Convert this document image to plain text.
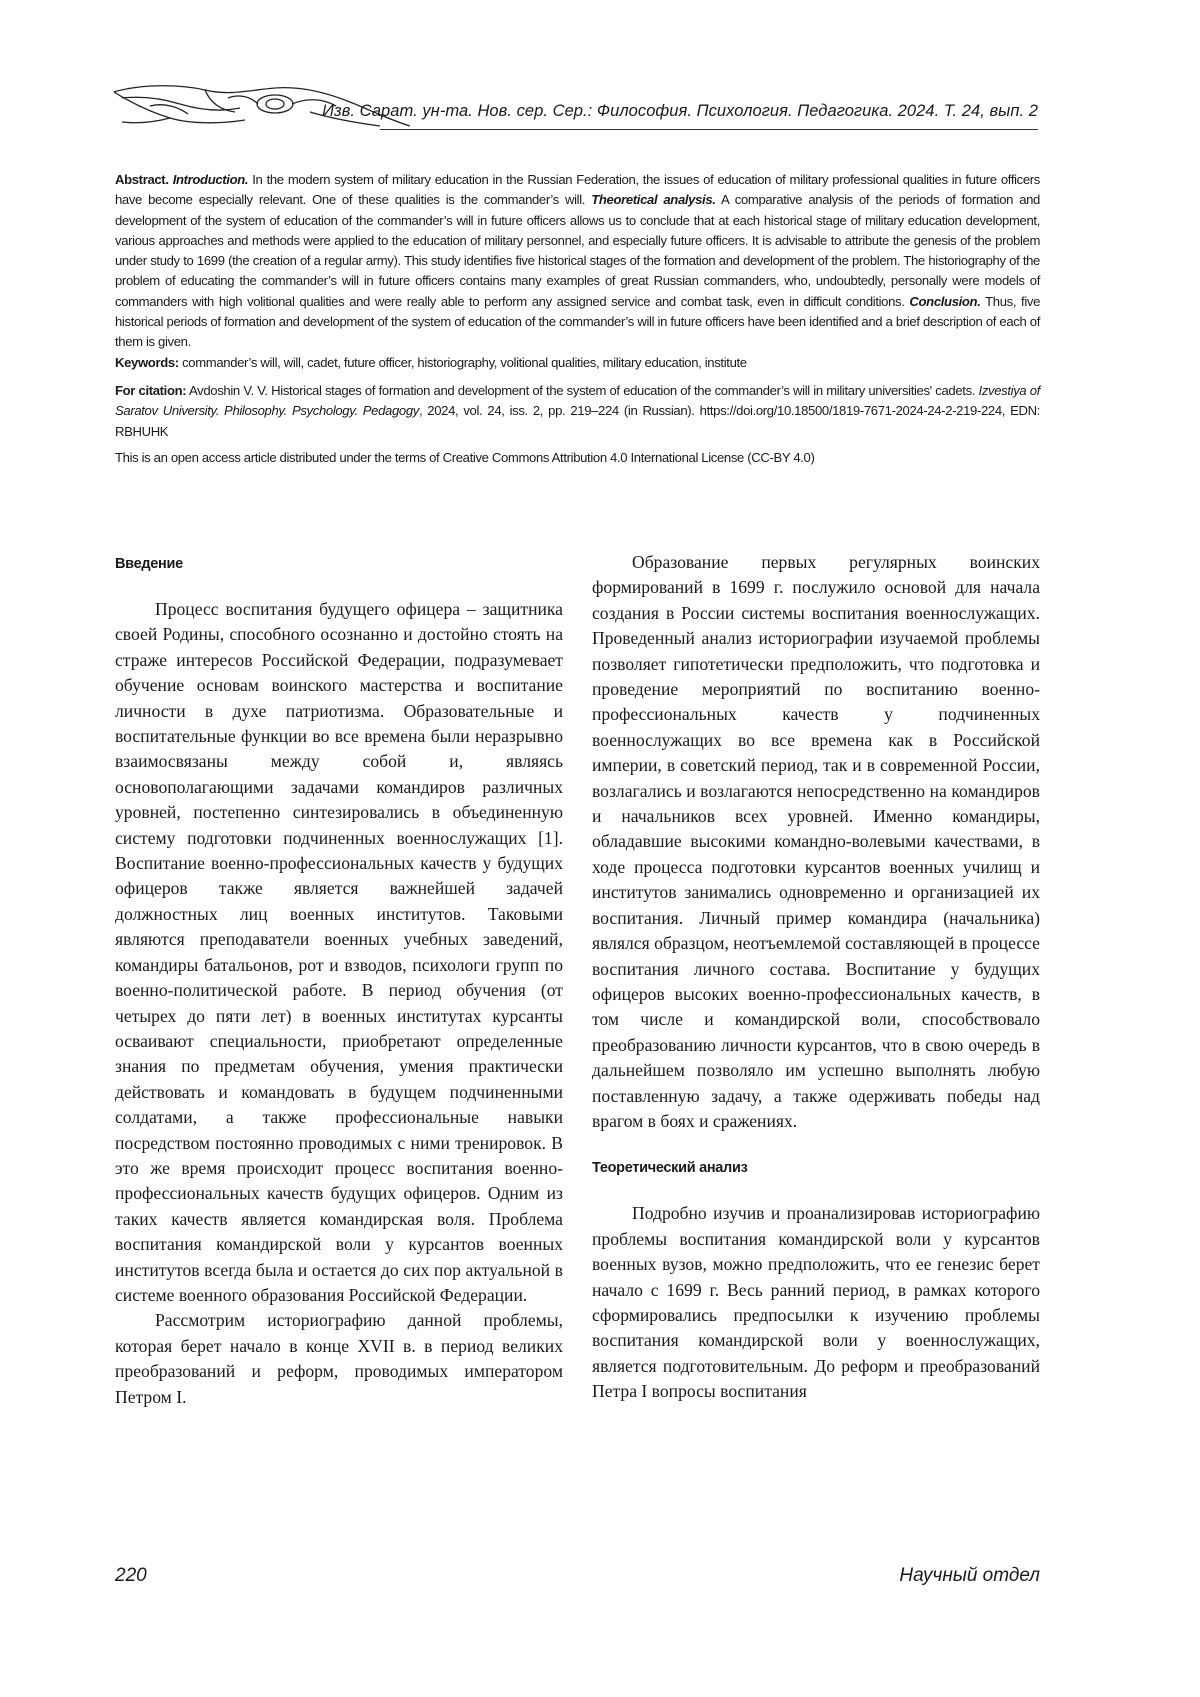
Изв. Сарат. ун-та. Нов. сер. Сер.: Философия. Психология. Педагогика. 2024. Т. 24, вып. 2

Abstract. Introduction. In the modern system of military education in the Russian Federation, the issues of education of military professional qualities in future officers have become especially relevant. One of these qualities is the commander’s will. Theoretical analysis. A comparative analysis of the periods of formation and development of the system of education of the commander’s will in future officers allows us to conclude that at each historical stage of military education development, various approaches and methods were applied to the education of military personnel, and especially future officers. It is advisable to attribute the genesis of the problem under study to 1699 (the creation of a regular army). This study identifies five historical stages of the formation and development of the problem. The historiography of the problem of educating the commander’s will in future officers contains many examples of great Russian commanders, who, undoubtedly, personally were models of commanders with high volitional qualities and were really able to perform any assigned service and combat task, even in difficult conditions. Conclusion. Thus, five historical periods of formation and development of the system of education of the commander’s will in future officers have been identified and a brief description of each of them is given.

Keywords: commander’s will, will, cadet, future officer, historiography, volitional qualities, military education, institute

For citation: Avdoshin V. V. Historical stages of formation and development of the system of education of the commander’s will in military universities' cadets. Izvestiya of Saratov University. Philosophy. Psychology. Pedagogy, 2024, vol. 24, iss. 2, pp. 219–224 (in Russian). https://doi.org/10.18500/1819-7671-2024-24-2-219-224, EDN: RBHUHK

This is an open access article distributed under the terms of Creative Commons Attribution 4.0 International License (CC-BY 4.0)

Введение

Процесс воспитания будущего офицера – защитника своей Родины, способного осознанно и достойно стоять на страже интересов Российской Федерации, подразумевает обучение основам воинского мастерства и воспитание личности в духе патриотизма. Образовательные и воспитательные функции во все времена были неразрывно взаимосвязаны между собой и, являясь основополагающими задачами командиров различных уровней, постепенно синтезировались в объединенную систему подготовки подчиненных военнослужащих [1]. Воспитание военно-профессиональных качеств у будущих офицеров также является важнейшей задачей должностных лиц военных институтов. Таковыми являются преподаватели военных учебных заведений, командиры батальонов, рот и взводов, психологи групп по военно-политической работе. В период обучения (от четырех до пяти лет) в военных институтах курсанты осваивают специальности, приобретают определенные знания по предметам обучения, умения практически действовать и командовать в будущем подчиненными солдатами, а также профессиональные навыки посредством постоянно проводимых с ними тренировок. В это же время происходит процесс воспитания военно-профессиональных качеств будущих офицеров. Одним из таких качеств является командирская воля. Проблема воспитания командирской воли у курсантов военных институтов всегда была и остается до сих пор актуальной в системе военного образования Российской Федерации.

Рассмотрим историографию данной проблемы, которая берет начало в конце XVII в. в период великих преобразований и реформ, проводимых императором Петром I.

Образование первых регулярных воинских формирований в 1699 г. послужило основой для начала создания в России системы воспитания военнослужащих. Проведенный анализ историографии изучаемой проблемы позволяет гипотетически предположить, что подготовка и проведение мероприятий по воспитанию военно-профессиональных качеств у подчиненных военнослужащих во все времена как в Российской империи, в советский период, так и в современной России, возлагались и возлагаются непосредственно на командиров и начальников всех уровней. Именно командиры, обладавшие высокими командно-волевыми качествами, в ходе процесса подготовки курсантов военных училищ и институтов занимались одновременно и организацией их воспитания. Личный пример командира (начальника) являлся образцом, неотъемлемой составляющей в процессе воспитания личного состава. Воспитание у будущих офицеров высоких военно-профессиональных качеств, в том числе и командирской воли, способствовало преобразованию личности курсантов, что в свою очередь в дальнейшем позволяло им успешно выполнять любую поставленную задачу, а также одерживать победы над врагом в боях и сражениях.

Теоретический анализ

Подробно изучив и проанализировав историографию проблемы воспитания командирской воли у курсантов военных вузов, можно предположить, что ее генезис берет начало с 1699 г. Весь ранний период, в рамках которого сформировались предпосылки к изучению проблемы воспитания командирской воли у военнослужащих, является подготовительным. До реформ и преобразований Петра I вопросы воспитания

220	Научный отдел
